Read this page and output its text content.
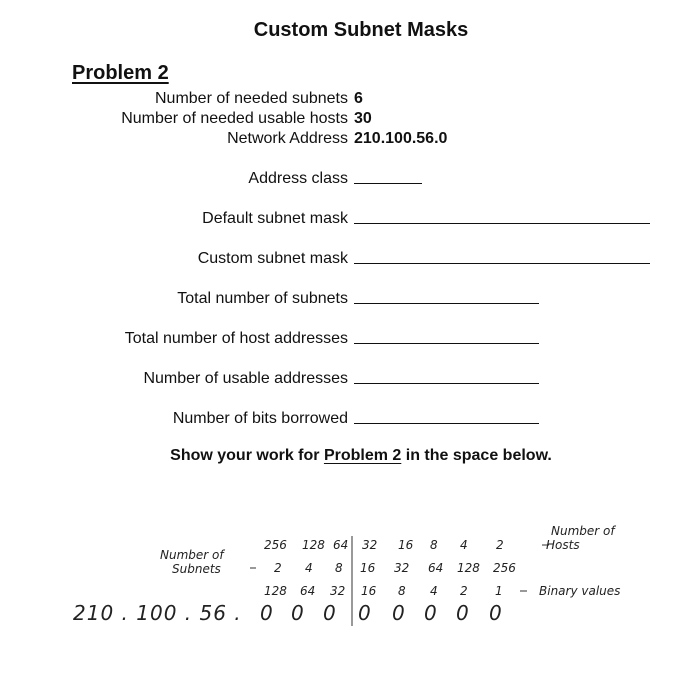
Custom Subnet Masks
Problem 2
Number of needed subnets 6
Number of needed usable hosts 30
Network Address 210.100.56.0
Address class
Default subnet mask
Custom subnet mask
Total number of subnets
Total number of host addresses
Number of usable addresses
Number of bits borrowed
Show your work for Problem 2 in the space below.
Number of
Hosts
Number of
Subnets
Binary values
256 128 64 32 16 8 4 2
2 4 8 16 32 64 128 256
128 64 32 16 8 4 2 1
210 . 100 . 56 . 0 0 0 0 0 0 0 0
